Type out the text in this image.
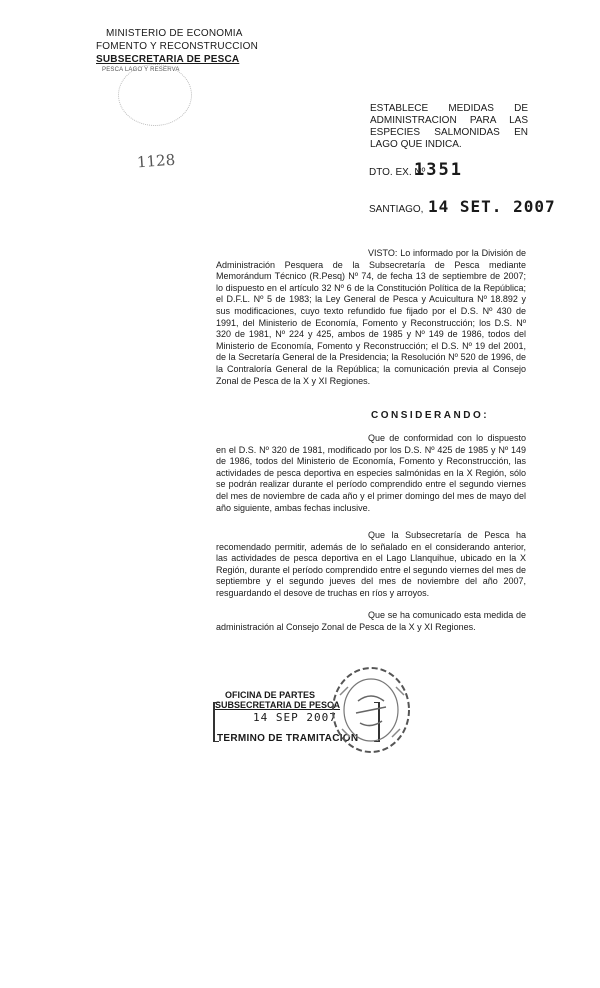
MINISTERIO DE ECONOMIA
FOMENTO Y RECONSTRUCCION
SUBSECRETARIA DE PESCA
PESCA LAGO Y RESERVA
1128
ESTABLECE MEDIDAS DE ADMINISTRACION PARA LAS ESPECIES SALMONIDAS EN LAGO QUE INDICA.
DTO. EX. Nº
1351
SANTIAGO, 14 SET. 2007

VISTO: Lo informado por la División de Administración Pesquera de la Subsecretaría de Pesca mediante Memorándum Técnico (R.Pesq) Nº 74, de fecha 13 de septiembre de 2007; lo dispuesto en el artículo 32 Nº 6 de la Constitución Política de la República; el D.F.L. Nº 5 de 1983; la Ley General de Pesca y Acuicultura Nº 18.892 y sus modificaciones, cuyo texto refundido fue fijado por el D.S. Nº 430 de 1991, del Ministerio de Economía, Fomento y Reconstrucción; los D.S. Nº 320 de 1981, Nº 224 y 425, ambos de 1985 y Nº 149 de 1986, todos del Ministerio de Economía, Fomento y Reconstrucción; el D.S. Nº 19 del 2001, de la Secretaría General de la Presidencia; la Resolución Nº 520 de 1996, de la Contraloría General de la República; la comunicación previa al Consejo Zonal de Pesca de la X y XI Regiones.

CONSIDERANDO:

Que de conformidad con lo dispuesto en el D.S. Nº 320 de 1981, modificado por los D.S. Nº 425 de 1985 y Nº 149 de 1986, todos del Ministerio de Economía, Fomento y Reconstrucción, las actividades de pesca deportiva en especies salmónidas en la X Región, sólo se podrán realizar durante el período comprendido entre el segundo viernes del mes de noviembre de cada año y el primer domingo del mes de mayo del año siguiente, ambas fechas inclusive.

Que la Subsecretaría de Pesca ha recomendado permitir, además de lo señalado en el considerando anterior, las actividades de pesca deportiva en el Lago Llanquihue, ubicado en la X Región, durante el período comprendido entre el segundo viernes del mes de septiembre y el segundo jueves del mes de noviembre del año 2007, resguardando el desove de truchas en ríos y arroyos.

Que se ha comunicado esta medida de administración al Consejo Zonal de Pesca de la X y XI Regiones.

OFICINA DE PARTES
SUBSECRETARIA DE PESCA
14 SEP 2007
TERMINO DE TRAMITACION
